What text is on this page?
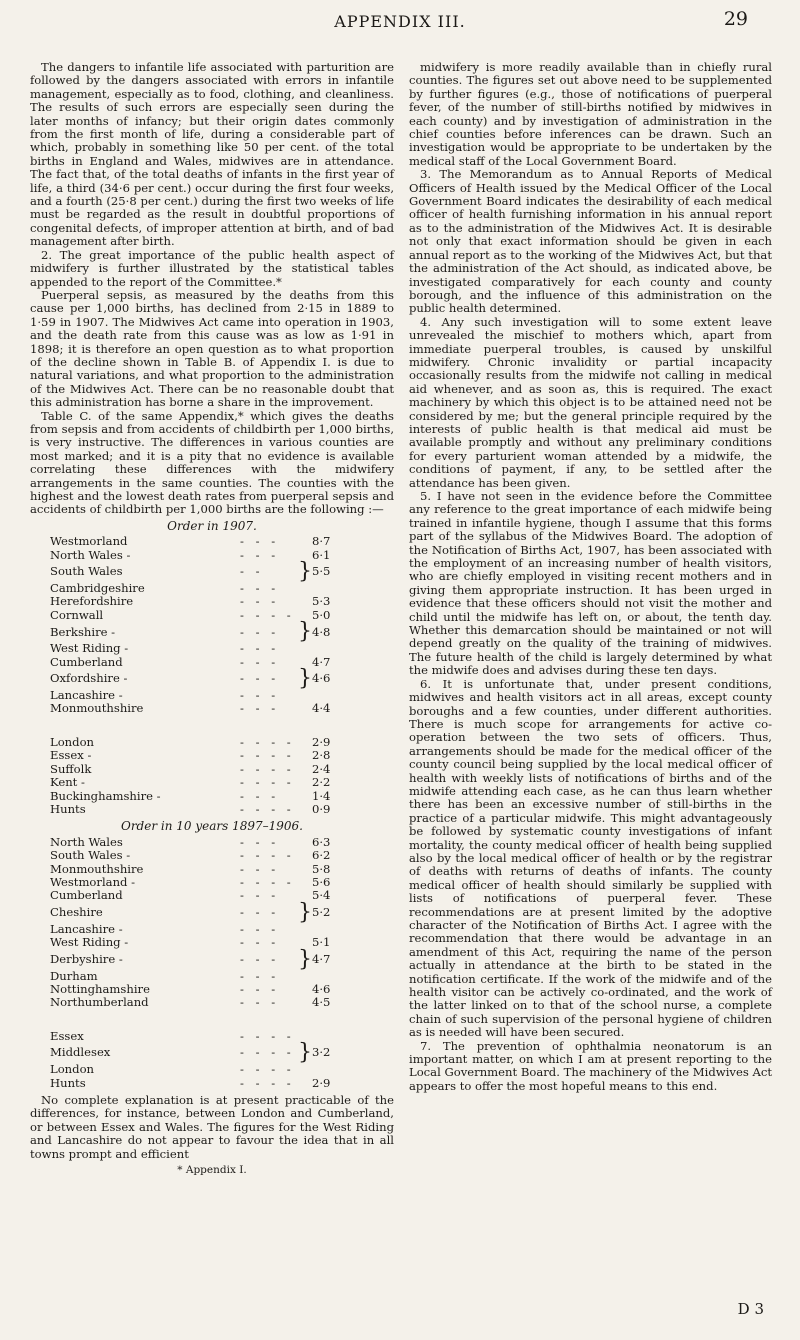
APPENDIX III.	29

The dangers to infantile life associated with parturition are followed by the dangers associated with errors in infantile management, especially as to food, clothing, and cleanliness. The results of such errors are especially seen during the later months of infancy; but their origin dates commonly from the first month of life, during a considerable part of which, probably in something like 50 per cent. of the total births in England and Wales, midwives are in attendance. The fact that, of the total deaths of infants in the first year of life, a third (34·6 per cent.) occur during the first four weeks, and a fourth (25·8 per cent.) during the first two weeks of life must be regarded as the result in doubtful proportions of congenital defects, of improper attention at birth, and of bad management after birth.

2. The great importance of the public health aspect of midwifery is further illustrated by the statistical tables appended to the report of the Committee.*

Puerperal sepsis, as measured by the deaths from this cause per 1,000 births, has declined from 2·15 in 1889 to 1·59 in 1907. The Midwives Act came into operation in 1903, and the death rate from this cause was as low as 1·91 in 1898; it is therefore an open question as to what proportion of the decline shown in Table B. of Appendix I. is due to natural variations, and what proportion to the administration of the Midwives Act. There can be no reasonable doubt that this administration has borne a share in the improvement.

Table C. of the same Appendix,* which gives the deaths from sepsis and from accidents of childbirth per 1,000 births, is very instructive. The differences in various counties are most marked; and it is a pity that no evidence is available correlating these differences with the midwifery arrangements in the same counties. The counties with the highest and the lowest death rates from puerperal sepsis and accidents of childbirth per 1,000 births are the following :—

Order in 1907.
Westmorland	- - -		8·7
North Wales -	- - -		6·1
South Wales	- -	}	5·5
Cambridgeshire	- - -		
Herefordshire	- - -		5·3
Cornwall	- - - -		5·0
Berkshire -	- - -	}	4·8
West Riding -	- - -		
Cumberland	- - -		4·7
Oxfordshire -	- - -	}	4·6
Lancashire -	- - -		
Monmouthshire	- - -		4·4
London	- - - -		2·9
Essex -	- - - -		2·8
Suffolk	- - - -		2·4
Kent -	- - - -		2·2
Buckinghamshire -	- - -		1·4
Hunts	- - - -		0·9
Order in 10 years 1897–1906.
North Wales	- - -		6·3
South Wales -	- - - -		6·2
Monmouthshire	- - -		5·8
Westmorland -	- - - -		5·6
Cumberland	- - -		5·4
Cheshire	- - -	}	5·2
Lancashire -	- - -		
West Riding -	- - -		5·1
Derbyshire -	- - -	}	4·7
Durham	- - -		
Nottinghamshire	- - -		4·6
Northumberland	- - -		4·5
Essex	- - - -		
Middlesex	- - - -	}	3·2
London	- - - -		
Hunts	- - - -		2·9

No complete explanation is at present practicable of the differences, for instance, between London and Cumberland, or between Essex and Wales. The figures for the West Riding and Lancashire do not appear to favour the idea that in all towns prompt and efficient

* Appendix I.

midwifery is more readily available than in chiefly rural counties. The figures set out above need to be supplemented by further figures (e.g., those of notifications of puerperal fever, of the number of still-births notified by midwives in each county) and by investigation of administration in the chief counties before inferences can be drawn. Such an investigation would be appropriate to be undertaken by the medical staff of the Local Government Board.

3. The Memorandum as to Annual Reports of Medical Officers of Health issued by the Medical Officer of the Local Government Board indicates the desirability of each medical officer of health furnishing information in his annual report as to the administration of the Midwives Act. It is desirable not only that exact information should be given in each annual report as to the working of the Midwives Act, but that the administration of the Act should, as indicated above, be investigated comparatively for each county and county borough, and the influence of this administration on the public health determined.

4. Any such investigation will to some extent leave unrevealed the mischief to mothers which, apart from immediate puerperal troubles, is caused by unskilful midwifery. Chronic invalidity or partial incapacity occasionally results from the midwife not calling in medical aid whenever, and as soon as, this is required. The exact machinery by which this object is to be attained need not be considered by me; but the general principle required by the interests of public health is that medical aid must be available promptly and without any preliminary conditions for every parturient woman attended by a midwife, the conditions of payment, if any, to be settled after the attendance has been given.

5. I have not seen in the evidence before the Committee any reference to the great importance of each midwife being trained in infantile hygiene, though I assume that this forms part of the syllabus of the Midwives Board. The adoption of the Notification of Births Act, 1907, has been associated with the employment of an increasing number of health visitors, who are chiefly employed in visiting recent mothers and in giving them appropriate instruction. It has been urged in evidence that these officers should not visit the mother and child until the midwife has left on, or about, the tenth day. Whether this demarcation should be maintained or not will depend greatly on the quality of the training of midwives. The future health of the child is largely determined by what the midwife does and advises during these ten days.

6. It is unfortunate that, under present conditions, midwives and health visitors act in all areas, except county boroughs and a few counties, under different authorities. There is much scope for arrangements for active co-operation between the two sets of officers. Thus, arrangements should be made for the medical officer of the county council being supplied by the local medical officer of health with weekly lists of notifications of births and of the midwife attending each case, as he can thus learn whether there has been an excessive number of still-births in the practice of a particular midwife. This might advantageously be followed by systematic county investigations of infant mortality, the county medical officer of health being supplied also by the local medical officer of health or by the registrar of deaths with returns of deaths of infants. The county medical officer of health should similarly be supplied with lists of notifications of puerperal fever. These recommendations are at present limited by the adoptive character of the Notification of Births Act. I agree with the recommendation that there would be advantage in an amendment of this Act, requiring the name of the person actually in attendance at the birth to be stated in the notification certificate. If the work of the midwife and of the health visitor can be actively co-ordinated, and the work of the latter linked on to that of the school nurse, a complete chain of such supervision of the personal hygiene of children as is needed will have been secured.

7. The prevention of ophthalmia neonatorum is an important matter, on which I am at present reporting to the Local Government Board. The machinery of the Midwives Act appears to offer the most hopeful means to this end.

D 3
